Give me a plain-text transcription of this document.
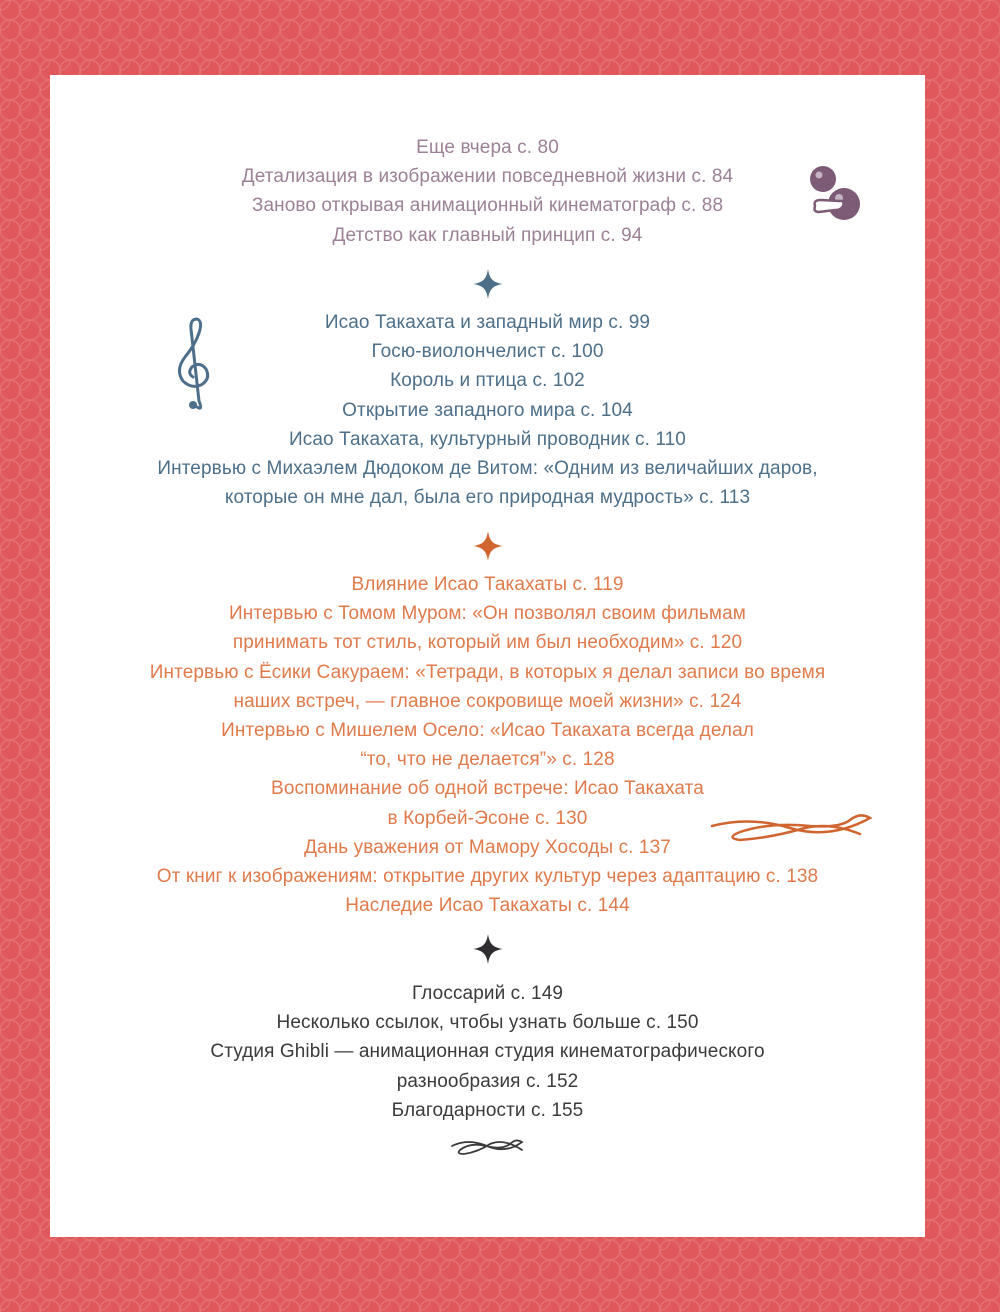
Еще вчера с. 80
Детализация в изображении повседневной жизни с. 84
Заново открывая анимационный кинематограф с. 88
Детство как главный принцип с. 94
Исао Такахата и западный мир с. 99
Госю-виолончелист с. 100
Король и птица с. 102
Открытие западного мира с. 104
Исао Такахата, культурный проводник с. 110
Интервью с Михаэлем Дюдоком де Витом: «Одним из величайших даров,
которые он мне дал, была его природная мудрость» с. 113
Влияние Исао Такахаты с. 119
Интервью с Томом Муром: «Он позволял своим фильмам
принимать тот стиль, который им был необходим» с. 120
Интервью с Ёсики Сакураем: «Тетради, в которых я делал записи во время
наших встреч, — главное сокровище моей жизни» с. 124
Интервью с Мишелем Осело: «Исао Такахата всегда делал
“то, что не делается”» с. 128
Воспоминание об одной встрече: Исао Такахата
в Корбей-Эсоне с. 130
Дань уважения от Мамору Хосоды с. 137
От книг к изображениям: открытие других культур через адаптацию с. 138
Наследие Исао Такахаты с. 144
Глоссарий с. 149
Несколько ссылок, чтобы узнать больше с. 150
Студия Ghibli — анимационная студия кинематографического
разнообразия с. 152
Благодарности с. 155
